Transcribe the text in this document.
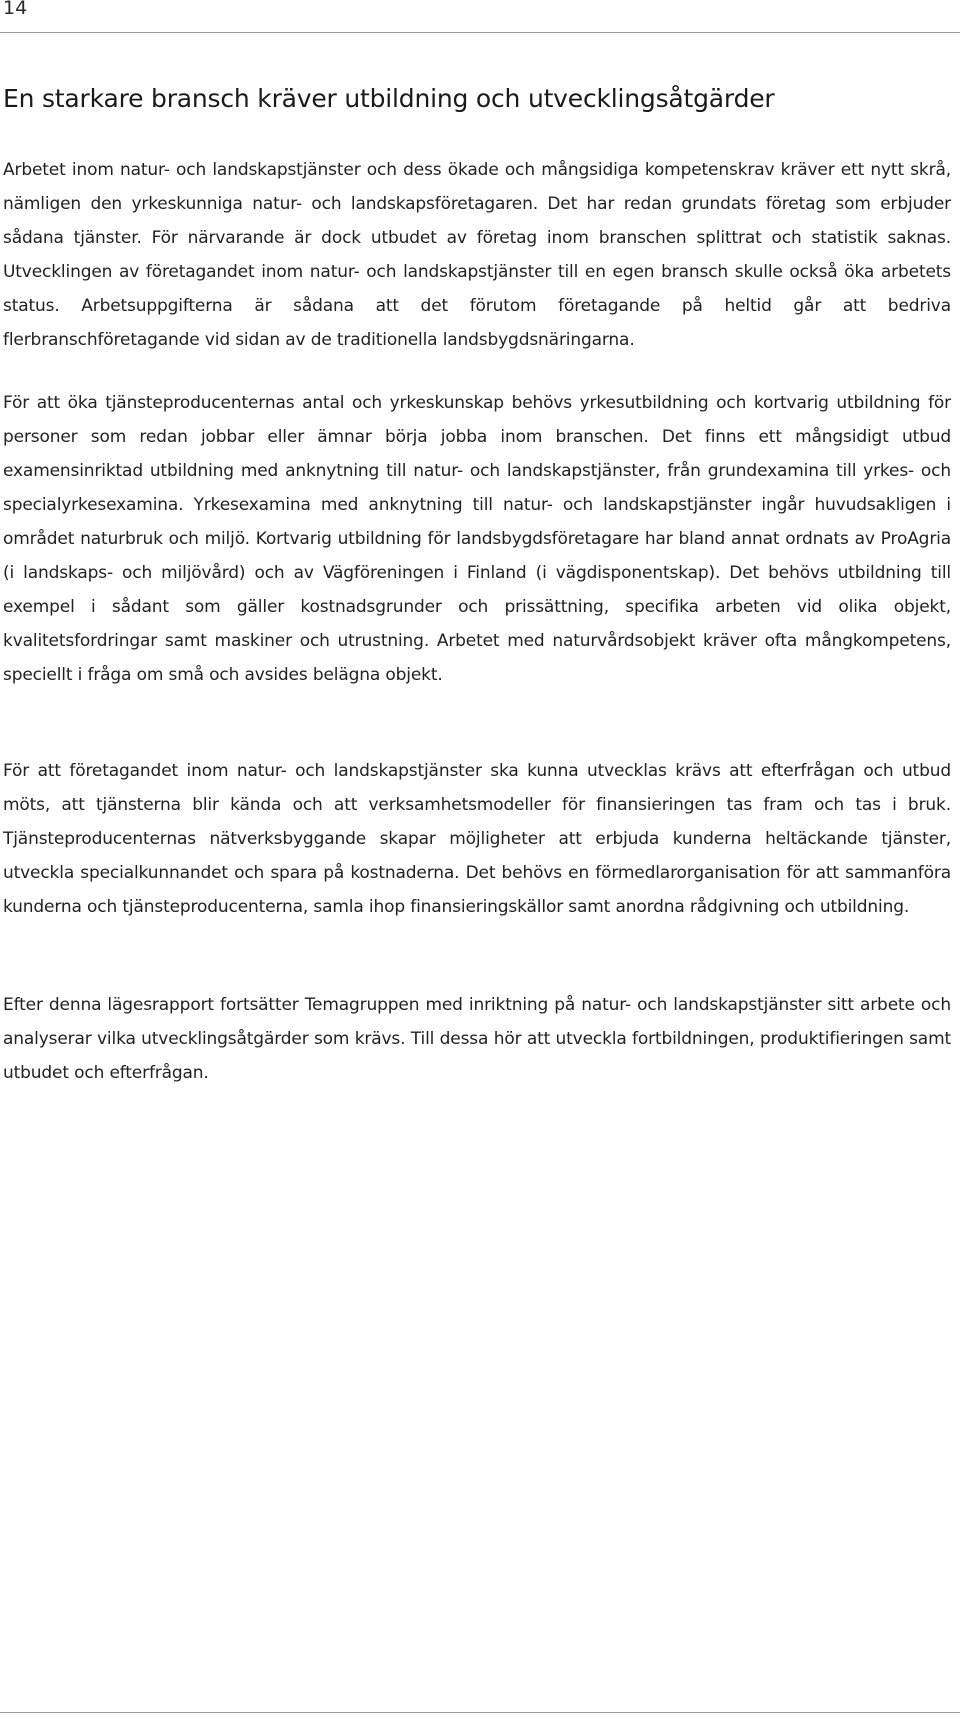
14

En starkare bransch kräver utbildning och utvecklingsåtgärder

Arbetet inom natur- och landskapstjänster och dess ökade och mångsidiga kompetenskrav kräver ett nytt skrå, nämligen den yrkeskunniga natur- och landskapsföretagaren. Det har redan grundats företag som erbjuder sådana tjänster. För närvarande är dock utbudet av företag inom branschen splittrat och statistik saknas. Utvecklingen av företagandet inom natur- och landskapstjänster till en egen bransch skulle också öka arbetets status. Arbetsuppgifterna är sådana att det förutom företagande på heltid går att bedriva flerbranschföretagande vid sidan av de traditionella landsbygdsnäringarna.

För att öka tjänsteproducenternas antal och yrkeskunskap behövs yrkesutbildning och kortvarig utbildning för personer som redan jobbar eller ämnar börja jobba inom branschen. Det finns ett mångsidigt utbud examensinriktad utbildning med anknytning till natur- och landskapstjänster, från grundexamina till yrkes- och specialyrkesexamina. Yrkesexamina med anknytning till natur- och landskapstjänster ingår huvudsakligen i området naturbruk och miljö. Kortvarig utbildning för landsbygdsföretagare har bland annat ordnats av ProAgria (i landskaps- och miljövård) och av Vägföreningen i Finland (i vägdisponentskap). Det behövs utbildning till exempel i sådant som gäller kostnadsgrunder och prissättning, specifika arbeten vid olika objekt, kvalitetsfordringar samt maskiner och utrustning. Arbetet med naturvårdsobjekt kräver ofta mångkompetens, speciellt i fråga om små och avsides belägna objekt.

För att företagandet inom natur- och landskapstjänster ska kunna utvecklas krävs att efterfrågan och utbud möts, att tjänsterna blir kända och att verksamhetsmodeller för finansieringen tas fram och tas i bruk. Tjänsteproducenternas nätverksbyggande skapar möjligheter att erbjuda kunderna heltäckande tjänster, utveckla specialkunnandet och spara på kostnaderna. Det behövs en förmedlarorganisation för att sammanföra kunderna och tjänsteproducenterna, samla ihop finansieringskällor samt anordna rådgivning och utbildning.

Efter denna lägesrapport fortsätter Temagruppen med inriktning på natur- och landskapstjänster sitt arbete och analyserar vilka utvecklingsåtgärder som krävs. Till dessa hör att utveckla fortbildningen, produktifieringen samt utbudet och efterfrågan.
